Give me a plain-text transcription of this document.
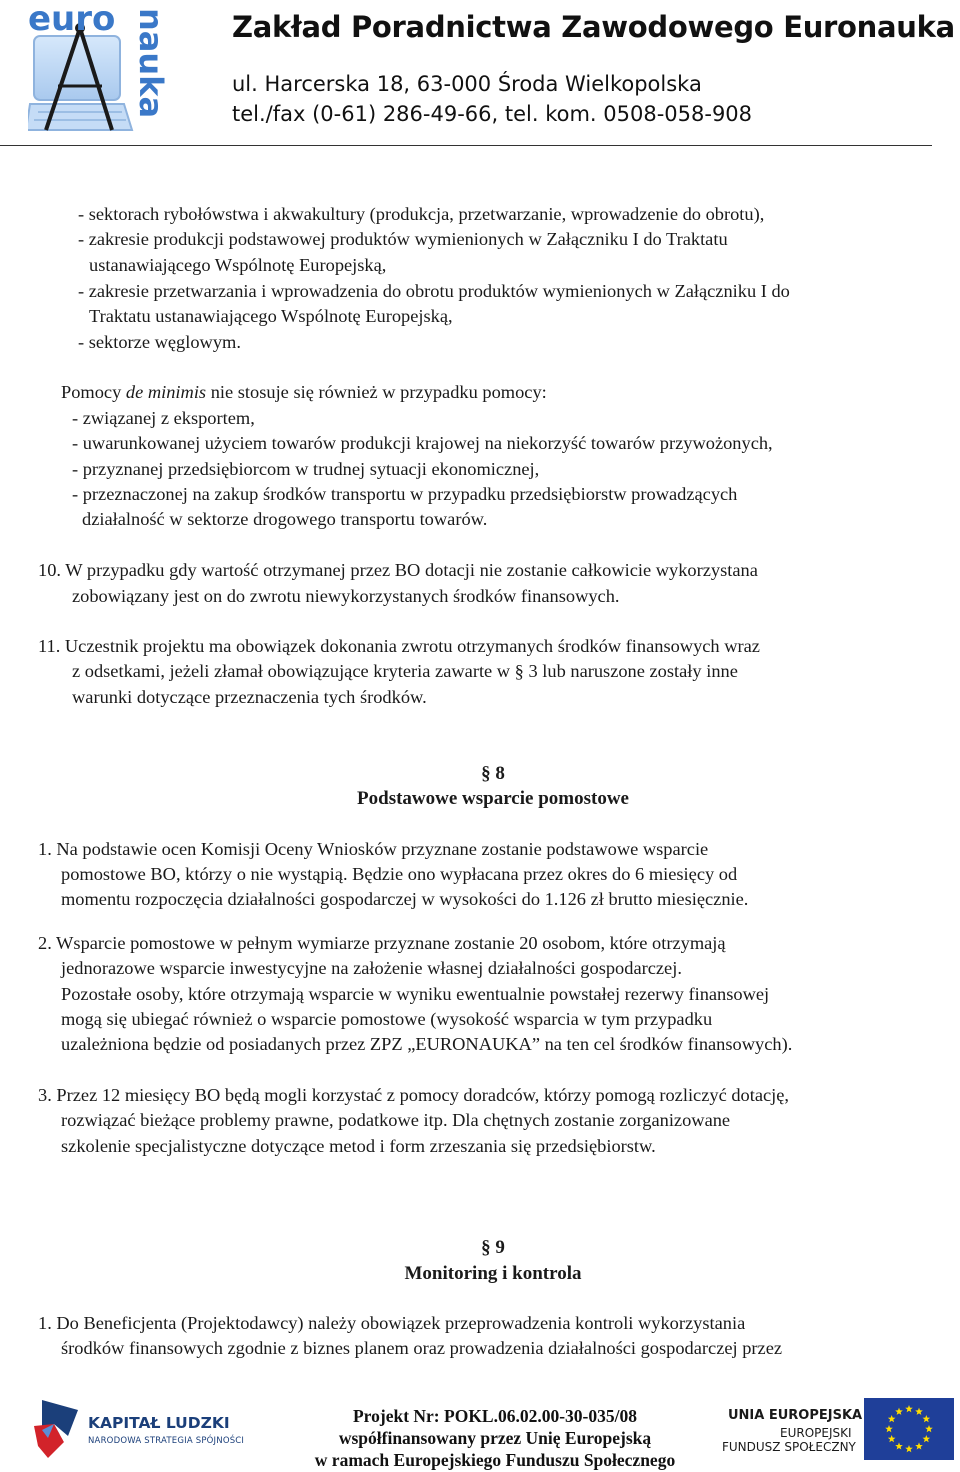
euro nauka Zakład Poradnictwa Zawodowego Euronauka
ul. Harcerska 18, 63-000 Środa Wielkopolska
tel./fax (0-61) 286-49-66, tel. kom. 0508-058-908
- sektorach rybołówstwa i akwakultury (produkcja, przetwarzanie, wprowadzenie do obrotu),
- zakresie produkcji podstawowej produktów wymienionych w Załączniku I do Traktatu
ustanawiającego Wspólnotę Europejską,
- zakresie przetwarzania i wprowadzenia do obrotu produktów wymienionych w Załączniku I do
Traktatu ustanawiającego Wspólnotę Europejską,
- sektorze węglowym.
Pomocy de minimis nie stosuje się również w przypadku pomocy:
- związanej z eksportem,
- uwarunkowanej użyciem towarów produkcji krajowej na niekorzyść towarów przywożonych,
- przyznanej przedsiębiorcom w trudnej sytuacji ekonomicznej,
- przeznaczonej na zakup środków transportu w przypadku przedsiębiorstw prowadzących
działalność w sektorze drogowego transportu towarów.
10. W przypadku gdy wartość otrzymanej przez BO dotacji nie zostanie całkowicie wykorzystana
zobowiązany jest on do zwrotu niewykorzystanych środków finansowych.
11. Uczestnik projektu ma obowiązek dokonania zwrotu otrzymanych środków finansowych wraz
z odsetkami, jeżeli złamał obowiązujące kryteria zawarte w § 3 lub naruszone zostały inne
warunki dotyczące przeznaczenia tych środków.
§ 8
Podstawowe wsparcie pomostowe
1. Na podstawie ocen Komisji Oceny Wniosków przyznane zostanie podstawowe wsparcie
pomostowe BO, którzy o nie wystąpią. Będzie ono wypłacana przez okres do 6 miesięcy od
momentu rozpoczęcia działalności gospodarczej w wysokości do 1.126 zł brutto miesięcznie.
2. Wsparcie pomostowe w pełnym wymiarze przyznane zostanie 20 osobom, które otrzymają
jednorazowe wsparcie inwestycyjne na założenie własnej działalności gospodarczej.
Pozostałe osoby, które otrzymają wsparcie w wyniku ewentualnie powstałej rezerwy finansowej
mogą się ubiegać również o wsparcie pomostowe (wysokość wsparcia w tym przypadku
uzależniona będzie od posiadanych przez ZPZ „EURONAUKA” na ten cel środków finansowych).
3. Przez 12 miesięcy BO będą mogli korzystać z pomocy doradców, którzy pomogą rozliczyć dotację,
rozwiązać bieżące problemy prawne, podatkowe itp. Dla chętnych zostanie zorganizowane
szkolenie specjalistyczne dotyczące metod i form zrzeszania się przedsiębiorstw.
§ 9
Monitoring i kontrola
1. Do Beneficjenta (Projektodawcy) należy obowiązek przeprowadzenia kontroli wykorzystania
środków finansowych zgodnie z biznes planem oraz prowadzenia działalności gospodarczej przez
KAPITAŁ LUDZKI
NARODOWA STRATEGIA SPÓJNOŚCI
Projekt Nr: POKL.06.02.00-30-035/08
współfinansowany przez Unię Europejską
w ramach Europejskiego Funduszu Społecznego
UNIA EUROPEJSKA
EUROPEJSKI
FUNDUSZ SPOŁECZNY
